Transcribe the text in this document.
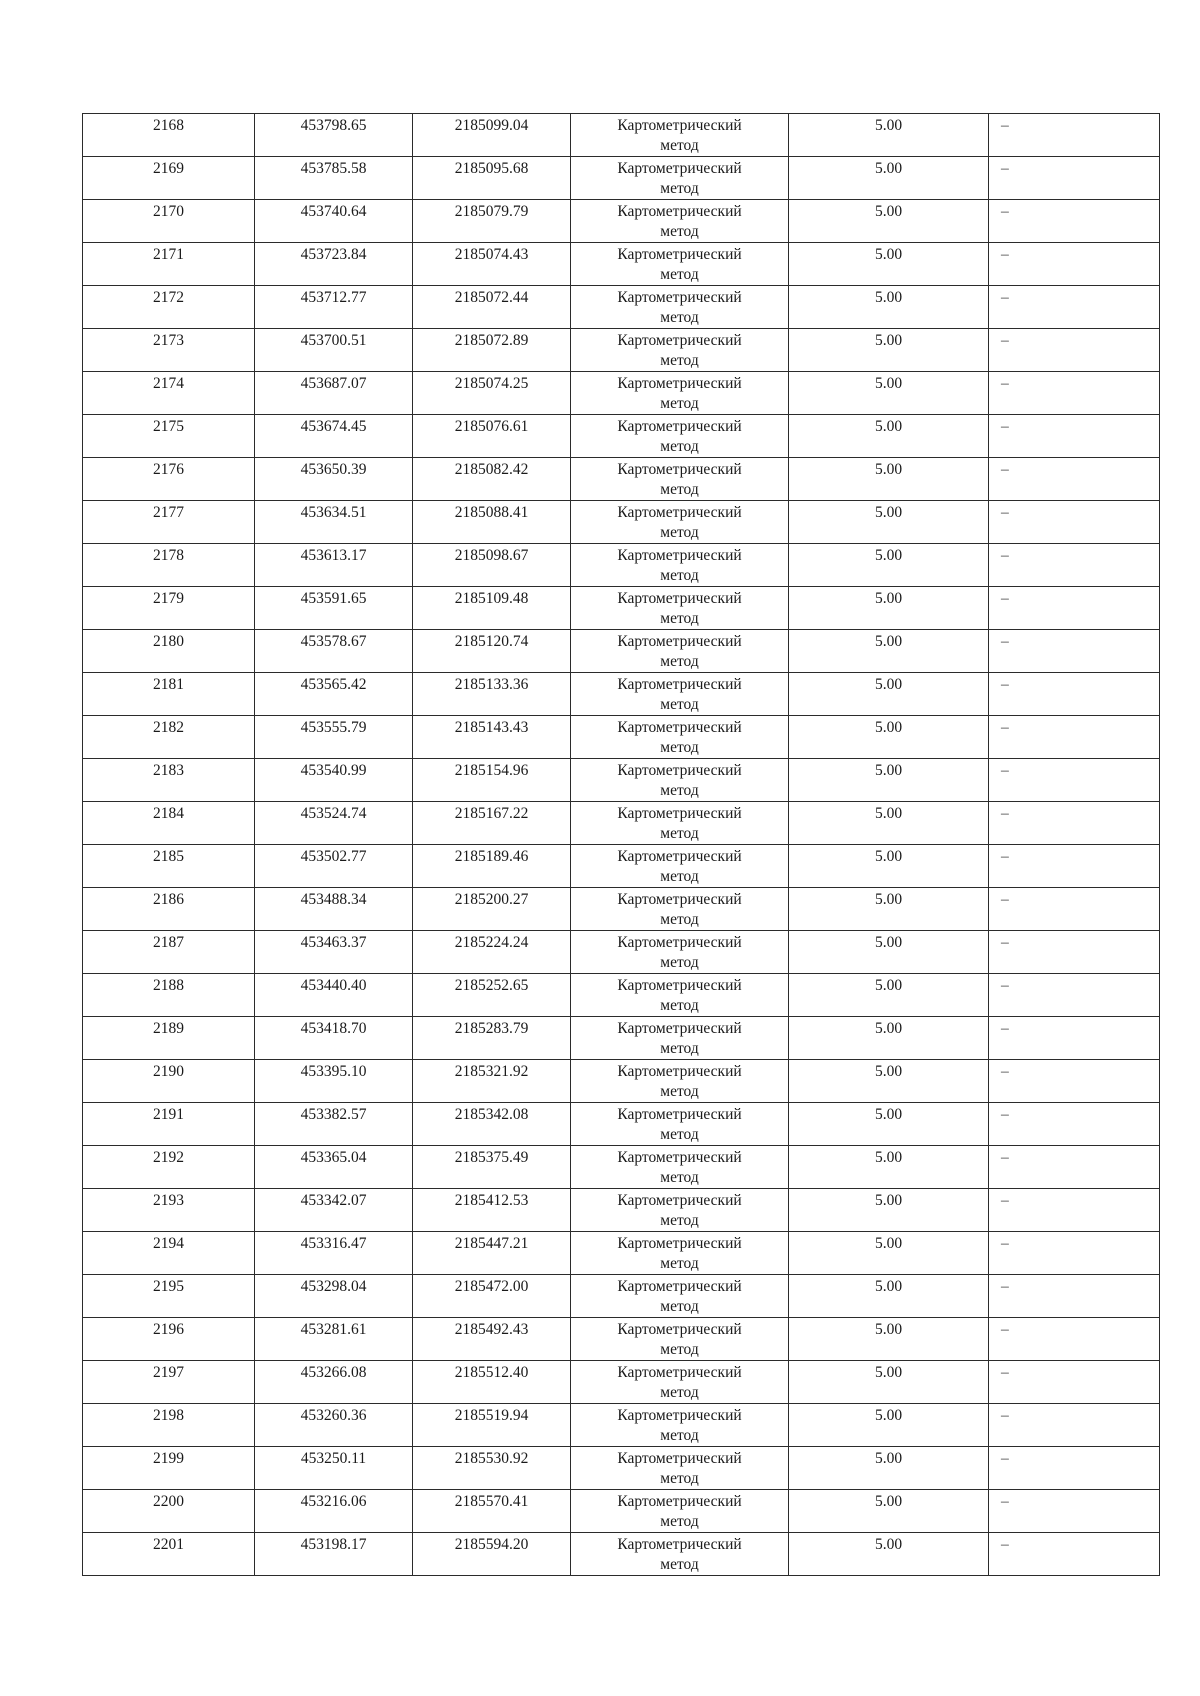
2168	453798.65	2185099.04	Картометрический
метод	5.00	–
2169	453785.58	2185095.68	Картометрический
метод	5.00	–
2170	453740.64	2185079.79	Картометрический
метод	5.00	–
2171	453723.84	2185074.43	Картометрический
метод	5.00	–
2172	453712.77	2185072.44	Картометрический
метод	5.00	–
2173	453700.51	2185072.89	Картометрический
метод	5.00	–
2174	453687.07	2185074.25	Картометрический
метод	5.00	–
2175	453674.45	2185076.61	Картометрический
метод	5.00	–
2176	453650.39	2185082.42	Картометрический
метод	5.00	–
2177	453634.51	2185088.41	Картометрический
метод	5.00	–
2178	453613.17	2185098.67	Картометрический
метод	5.00	–
2179	453591.65	2185109.48	Картометрический
метод	5.00	–
2180	453578.67	2185120.74	Картометрический
метод	5.00	–
2181	453565.42	2185133.36	Картометрический
метод	5.00	–
2182	453555.79	2185143.43	Картометрический
метод	5.00	–
2183	453540.99	2185154.96	Картометрический
метод	5.00	–
2184	453524.74	2185167.22	Картометрический
метод	5.00	–
2185	453502.77	2185189.46	Картометрический
метод	5.00	–
2186	453488.34	2185200.27	Картометрический
метод	5.00	–
2187	453463.37	2185224.24	Картометрический
метод	5.00	–
2188	453440.40	2185252.65	Картометрический
метод	5.00	–
2189	453418.70	2185283.79	Картометрический
метод	5.00	–
2190	453395.10	2185321.92	Картометрический
метод	5.00	–
2191	453382.57	2185342.08	Картометрический
метод	5.00	–
2192	453365.04	2185375.49	Картометрический
метод	5.00	–
2193	453342.07	2185412.53	Картометрический
метод	5.00	–
2194	453316.47	2185447.21	Картометрический
метод	5.00	–
2195	453298.04	2185472.00	Картометрический
метод	5.00	–
2196	453281.61	2185492.43	Картометрический
метод	5.00	–
2197	453266.08	2185512.40	Картометрический
метод	5.00	–
2198	453260.36	2185519.94	Картометрический
метод	5.00	–
2199	453250.11	2185530.92	Картометрический
метод	5.00	–
2200	453216.06	2185570.41	Картометрический
метод	5.00	–
2201	453198.17	2185594.20	Картометрический
метод	5.00	–
